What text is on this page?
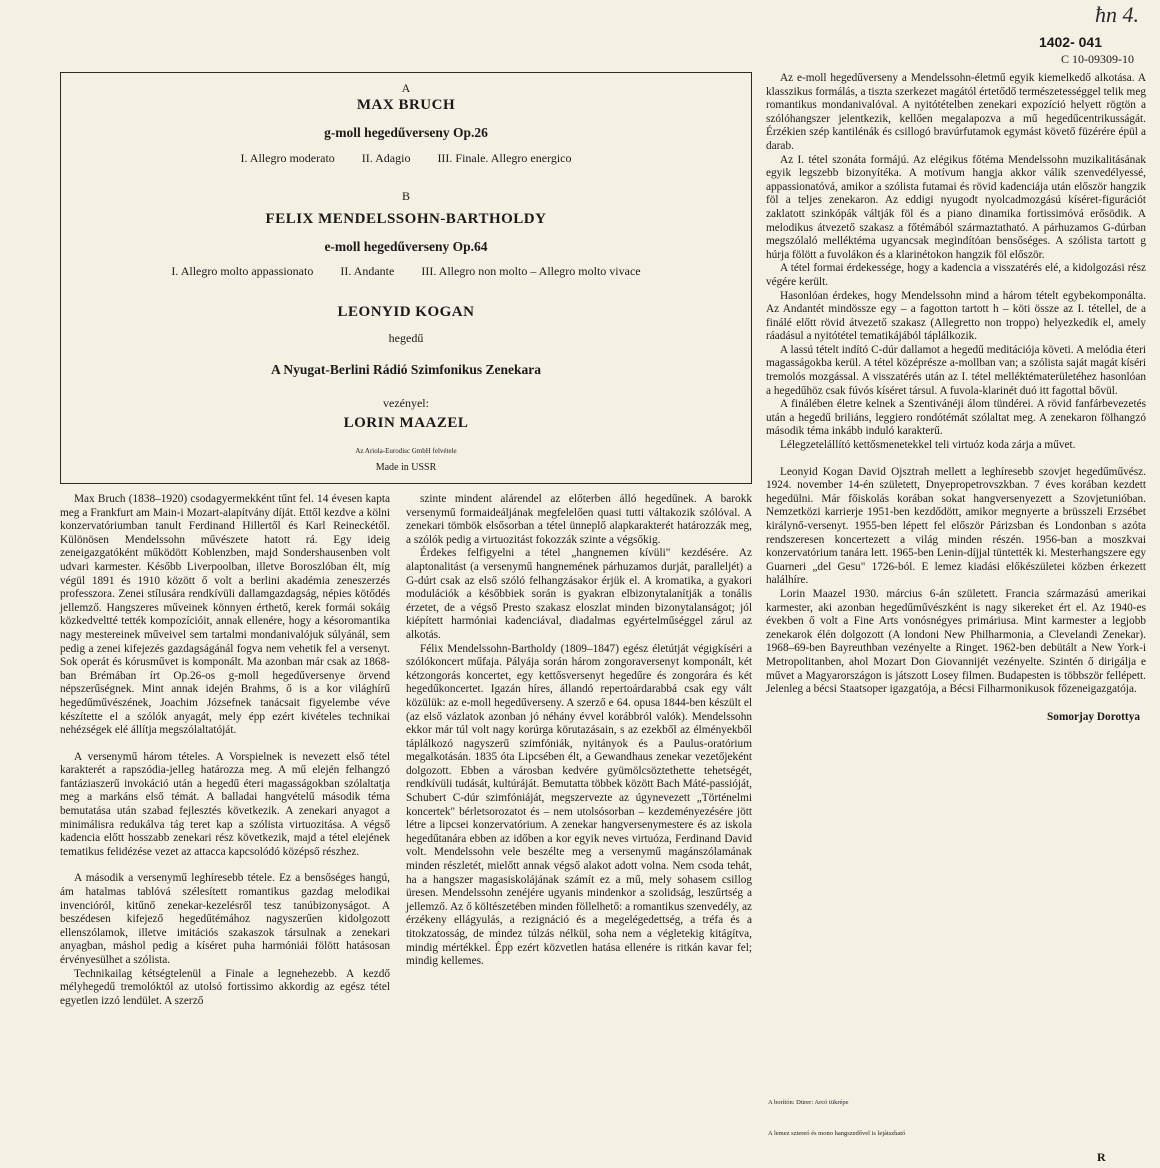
ħn 4.
1402- 041
C 10-09309-10
A
MAX BRUCH
g-moll hegedűverseny Op.26
I. Allegro moderato II. Adagio III. Finale. Allegro energico
B
FELIX MENDELSSOHN-BARTHOLDY
e-moll hegedűverseny Op.64
I. Allegro molto appassionato II. Andante III. Allegro non molto – Allegro molto vivace
LEONYID KOGAN
hegedű
A Nyugat-Berlini Rádió Szimfonikus Zenekara
vezényel:
LORIN MAAZEL
Az Ariola-Eurodisc GmbH felvétele
Made in USSR

Max Bruch (1838–1920) csodagyermekként tűnt fel. 14 évesen kapta meg a Frankfurt am Main-i Mozart-alapítvány díját. Ettől kezdve a kölni konzervatóriumban tanult Ferdinand Hillertől és Karl Reineckétől. Különösen Mendelssohn művészete hatott rá. Egy ideig zeneigazgatóként működött Koblenzben, majd Sondershausenben volt udvari karmester. Később Liverpoolban, illetve Boroszlóban élt, míg végül 1891 és 1910 között ő volt a berlini akadémia zeneszerzés professzora. Zenei stílusára rendkívüli dallamgazdagság, népies kötődés jellemző. Hangszeres műveinek könnyen érthető, kerek formái sokáig közkedveltté tették kompozícióit, annak ellenére, hogy a késoromantika nagy mestereinek műveivel sem tartalmi mondanivalójuk súlyánál, sem pedig a zenei kifejezés gazdagságánál fogva nem vehetik fel a versenyt. Sok operát és kórusművet is komponált. Ma azonban már csak az 1868-ban Brémában írt Op.26-os g-moll hegedűversenye örvend népszerűségnek. Mint annak idején Brahms, ő is a kor világhírű hegedűművészének, Joachim Józsefnek tanácsait figyelembe véve készítette el a szólók anyagát, mely épp ezért kivételes technikai nehézségek elé állítja megszólaltatóját.

A versenymű három tételes. A Vorspielnek is nevezett első tétel karakterét a rapszódia-jelleg határozza meg. A mű elején felhangzó fantáziaszerű invokáció után a hegedű éteri magasságokban szólaltatja meg a markáns első témát. A balladai hangvételű második téma bemutatása után szabad fejlesztés következik. A zenekari anyagot a minimálisra redukálva tág teret kap a szólista virtuozitása. A végső kadencia előtt hosszabb zenekari rész következik, majd a tétel elejének tematikus felidézése vezet az attacca kapcsolódó középső részhez.

A második a versenymű leghíresebb tétele. Ez a bensőséges hangú, ám hatalmas tablóvá szélesített romantikus gazdag melodikai invencióról, kitűnő zenekar-kezelésről tesz tanúbizonyságot. A beszédesen kifejező hegedűtémához nagyszerűen kidolgozott ellenszólamok, illetve imitációs szakaszok társulnak a zenekari anyagban, máshol pedig a kíséret puha harmóniái fölött hatásosan érvényesülhet a szólista.

Technikailag kétségtelenül a Finale a legnehezebb. A kezdő mélyhegedű tremolóktól az utolsó fortissimo akkordig az egész tétel egyetlen izzó lendület. A szerző

szinte mindent alárendel az előterben álló hegedűnek. A barokk versenymű formaideáljának megfelelően quasi tutti váltakozik szólóval. A zenekari tömbök elsősorban a tétel ünneplő alapkarakterét határozzák meg, a szólók pedig a virtuozitást fokozzák szinte a végsőkig.

Érdekes felfigyelni a tétel „hangnemen kívüli" kezdésére. Az alaptonalitást (a versenymű hangnemének párhuzamos durját, paralleljét) a G-dúrt csak az első szóló felhangzásakor érjük el. A kromatika, a gyakori modulációk a későbbiek során is gyakran elbizonytalanítják a tonális érzetet, de a végső Presto szakasz eloszlat minden bizonytalanságot; jól kiépített harmóniai kadenciával, diadalmas egyértelműséggel zárul az alkotás.

Félix Mendelssohn-Bartholdy (1809–1847) egész életútját végigkíséri a szólókoncert műfaja. Pályája során három zongoraversenyt komponált, két kétzongorás koncertet, egy kettősversenyt hegedűre és zongorára és két hegedűkoncertet. Igazán híres, állandó repertoárdarabbá csak egy vált közülük: az e-moll hegedűverseny. A szerző e 64. opusa 1844-ben készült el (az első vázlatok azonban jó néhány évvel korábbról valók). Mendelssohn ekkor már túl volt nagy korúrga körutazásain, s az ezekből az élményekből táplálkozó nagyszerű szimfóniák, nyitányok és a Paulus-oratórium megalkotásán. 1835 óta Lipcsében élt, a Gewandhaus zenekar vezetőjeként dolgozott. Ebben a városban kedvére gyümölcsöztethette tehetségét, rendkívüli tudását, kultúráját. Bemutatta többek között Bach Máté-passióját, Schubert C-dúr szimfóniáját, megszervezte az úgynevezett „Történelmi koncertek" bérletsorozatot és – nem utolsósorban – kezdeményezésére jött létre a lipcsei konzervatórium. A zenekar hangversenymestere és az iskola hegedűtanára ebben az időben a kor egyik neves virtuóza, Ferdinand David volt. Mendelssohn vele beszélte meg a versenymű magánszólamának minden részletét, mielőtt annak végső alakot adott volna. Nem csoda tehát, ha a hangszer magasiskolájának számít ez a mű, mely sohasem csillog üresen. Mendelssohn zenéjére ugyanis mindenkor a szolidság, leszűrtség a jellemző. Az ő költészetében minden föllelhető: a romantikus szenvedély, az érzékeny ellágyulás, a rezignáció és a megelégedettség, a tréfa és a titokzatosság, de mindez túlzás nélkül, soha nem a végletekig kitágítva, mindig mértékkel. Épp ezért közvetlen hatása ellenére is ritkán kavar fel; mindig kellemes.

Az e-moll hegedűverseny a Mendelssohn-életmű egyik kiemelkedő alkotása. A klasszikus formálás, a tiszta szerkezet magától értetődő természetességgel telik meg romantikus mondanivalóval. A nyitótételben zenekari expozíció helyett rögtön a szólóhangszer jelentkezik, kellően megalapozva a mű hegedűcentrikusságát. Érzékien szép kantilénák és csillogó bravúrfutamok egymást követő füzérére épül a darab.

Az I. tétel szonáta formájú. Az elégikus főtéma Mendelssohn muzikalitásának egyik legszebb bizonyítéka. A motívum hangja akkor válik szenvedélyessé, appassionatóvá, amikor a szólista futamai és rövid kadenciája után először hangzik föl a teljes zenekaron. Az eddigi nyugodt nyolcadmozgású kíséret-figurációt zaklatott szinkópák váltják föl és a piano dinamika fortissimóvá erősödik. A melodikus átvezető szakasz a főtémából származtatható. A párhuzamos G-dúrban megszólaló melléktéma ugyancsak megindítóan bensőséges. A szólista tartott g húrja fölött a fuvolákon és a klarinétokon hangzik föl először.

A tétel formai érdekessége, hogy a kadencia a visszatérés elé, a kidolgozási rész végére került.

Hasonlóan érdekes, hogy Mendelssohn mind a három tételt egybekomponálta. Az Andantét mindössze egy – a fagotton tartott h – köti össze az I. tétellel, de a finálé előtt rövid átvezető szakasz (Allegretto non troppo) helyezkedik el, amely ráadásul a nyitótétel tematikájából táplálkozik.

A lassú tételt indító C-dúr dallamot a hegedű meditációja követi. A melódia éteri magasságokba kerül. A tétel középrésze a-mollban van; a szólista saját magát kíséri tremolós mozgással. A visszatérés után az I. tétel melléktématerületéhez hasonlóan a hegedűhöz csak fúvós kíséret társul. A fuvola-klarinét duó itt fagottal bővül.

A finálében életre kelnek a Szentivánéji álom tündérei. A rövid fanfárbevezetés után a hegedű briliáns, leggiero rondótémát szólaltat meg. A zenekaron fölhangzó második téma inkább induló karakterű.

Lélegzetelállító kettősmenetekkel teli virtuóz koda zárja a művet.

Leonyid Kogan David Ojsztrah mellett a leghíresebb szovjet hegedűművész. 1924. november 14-én született, Dnyepropetrovszkban. 7 éves korában kezdett hegedülni. Már főiskolás korában sokat hangversenyezett a Szovjetunióban. Nemzetközi karrierje 1951-ben kezdődött, amikor megnyerte a brüsszeli Erzsébet királynő-versenyt. 1955-ben lépett fel először Párizsban és Londonban s azóta rendszeresen koncertezett a világ minden részén. 1956-ban a moszkvai konzervatórium tanára lett. 1965-ben Lenin-díjjal tüntették ki. Mesterhangszere egy Guarneri „del Gesu" 1726-ból. E lemez kiadási előkészületei közben érkezett halálhíre.

Lorin Maazel 1930. március 6-án született. Francia származású amerikai karmester, aki azonban hegedűművészként is nagy sikereket ért el. Az 1940-es években ő volt a Fine Arts vonósnégyes primáriusa. Mint karmester a legjobb zenekarok élén dolgozott (A londoni New Philharmonia, a Clevelandi Zenekar). 1968–69-ben Bayreuthban vezényelte a Ringet. 1962-ben debütált a New York-i Metropolitanben, ahol Mozart Don Giovannijét vezényelte. Szintén ő dirigálja e művet a Magyarországon is játszott Losey filmen. Budapesten is többször fellépett. Jelenleg a bécsi Staatsoper igazgatója, a Bécsi Filharmonikusok főzeneigazgatója.

Somorjay Dorottya

A borítón: Dürer: Arcó tükrépe
A lemez sztereó és mono hangszedővel is lejátszható
R
